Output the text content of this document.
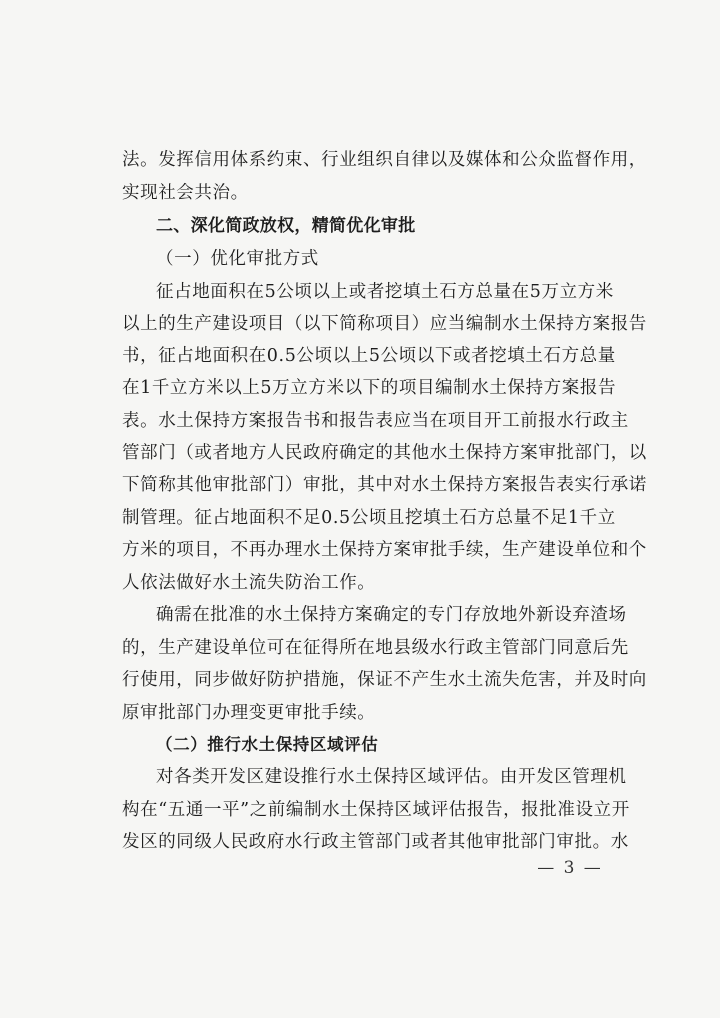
法。发挥信用体系约束、行业组织自律以及媒体和公众监督作用，
实现社会共治。
二、深化简政放权，精简优化审批
（一）优化审批方式
征占地面积在5公顷以上或者挖填土石方总量在5万立方米
以上的生产建设项目（以下简称项目）应当编制水土保持方案报告
书，征占地面积在0.5公顷以上5公顷以下或者挖填土石方总量
在1千立方米以上5万立方米以下的项目编制水土保持方案报告
表。水土保持方案报告书和报告表应当在项目开工前报水行政主
管部门（或者地方人民政府确定的其他水土保持方案审批部门，以
下简称其他审批部门）审批，其中对水土保持方案报告表实行承诺
制管理。征占地面积不足0.5公顷且挖填土石方总量不足1千立
方米的项目，不再办理水土保持方案审批手续，生产建设单位和个
人依法做好水土流失防治工作。
确需在批准的水土保持方案确定的专门存放地外新设弃渣场
的，生产建设单位可在征得所在地县级水行政主管部门同意后先
行使用，同步做好防护措施，保证不产生水土流失危害，并及时向
原审批部门办理变更审批手续。
（二）推行水土保持区域评估
对各类开发区建设推行水土保持区域评估。由开发区管理机
构在“五通一平”之前编制水土保持区域评估报告，报批准设立开
发区的同级人民政府水行政主管部门或者其他审批部门审批。水
— 3 —
